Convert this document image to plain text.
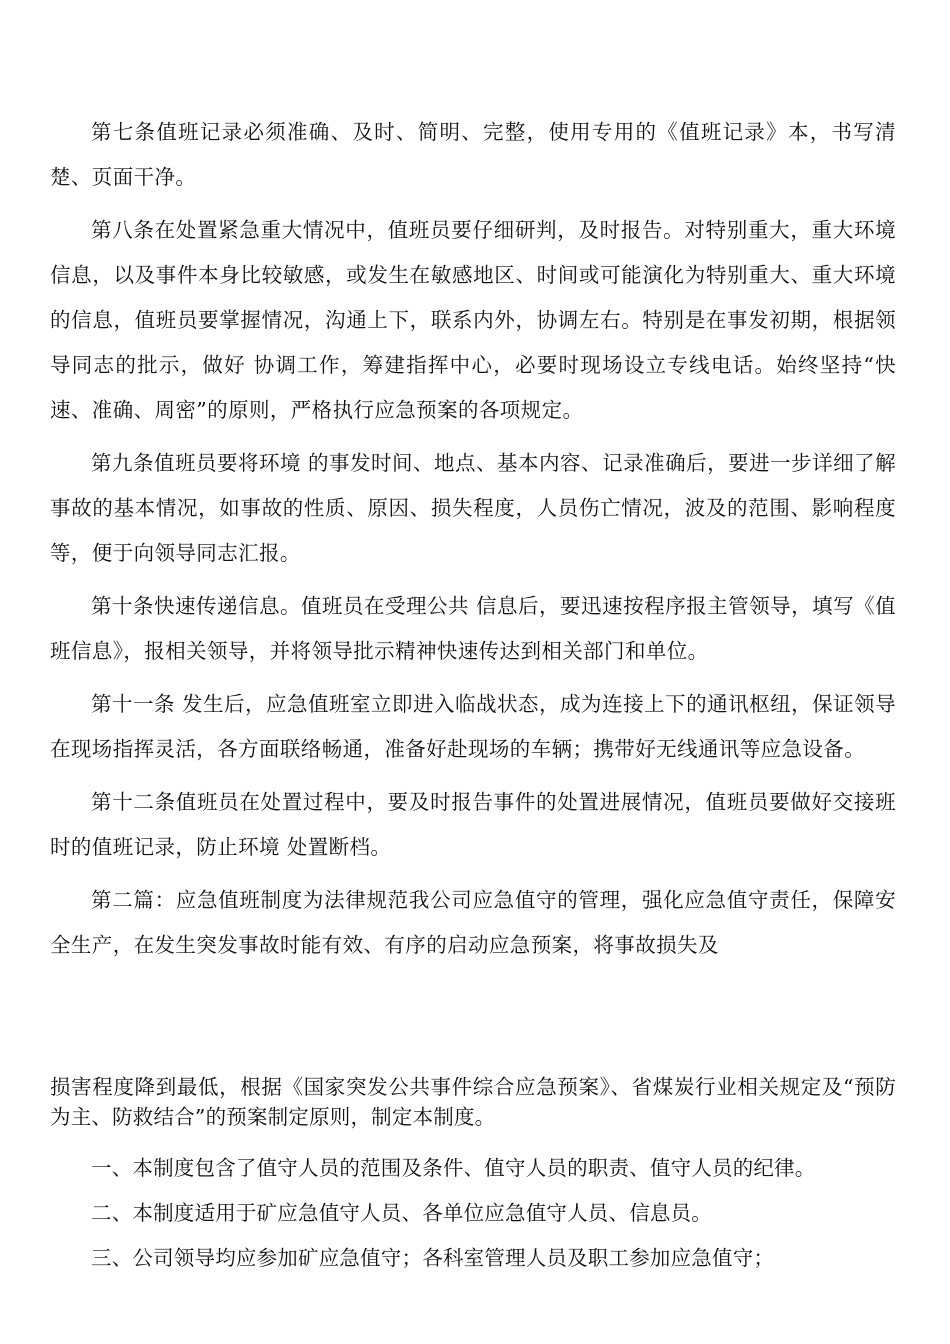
第七条值班记录必须准确、及时、简明、完整，使用专用的《值班记录》本，书写清楚、页面干净。

第八条在处置紧急重大情况中，值班员要仔细研判，及时报告。对特别重大，重大环境 信息，以及事件本身比较敏感，或发生在敏感地区、时间或可能演化为特别重大、重大环境 的信息，值班员要掌握情况，沟通上下，联系内外，协调左右。特别是在事发初期，根据领导同志的批示，做好 协调工作，筹建指挥中心，必要时现场设立专线电话。始终坚持“快速、准确、周密”的原则，严格执行应急预案的各项规定。

第九条值班员要将环境 的事发时间、地点、基本内容、记录准确后，要进一步详细了解事故的基本情况，如事故的性质、原因、损失程度，人员伤亡情况，波及的范围、影响程度等，便于向领导同志汇报。

第十条快速传递信息。值班员在受理公共 信息后，要迅速按程序报主管领导，填写《值班信息》，报相关领导，并将领导批示精神快速传达到相关部门和单位。

第十一条 发生后，应急值班室立即进入临战状态，成为连接上下的通讯枢纽，保证领导在现场指挥灵活，各方面联络畅通，准备好赴现场的车辆；携带好无线通讯等应急设备。

第十二条值班员在处置过程中，要及时报告事件的处置进展情况，值班员要做好交接班时的值班记录，防止环境 处置断档。

第二篇：应急值班制度为法律规范我公司应急值守的管理，强化应急值守责任，保障安全生产，在发生突发事故时能有效、有序的启动应急预案，将事故损失及

损害程度降到最低，根据《国家突发公共事件综合应急预案》、省煤炭行业相关规定及“预防为主、防救结合”的预案制定原则，制定本制度。

一、本制度包含了值守人员的范围及条件、值守人员的职责、值守人员的纪律。

二、本制度适用于矿应急值守人员、各单位应急值守人员、信息员。

三、公司领导均应参加矿应急值守；各科室管理人员及职工参加应急值守；
